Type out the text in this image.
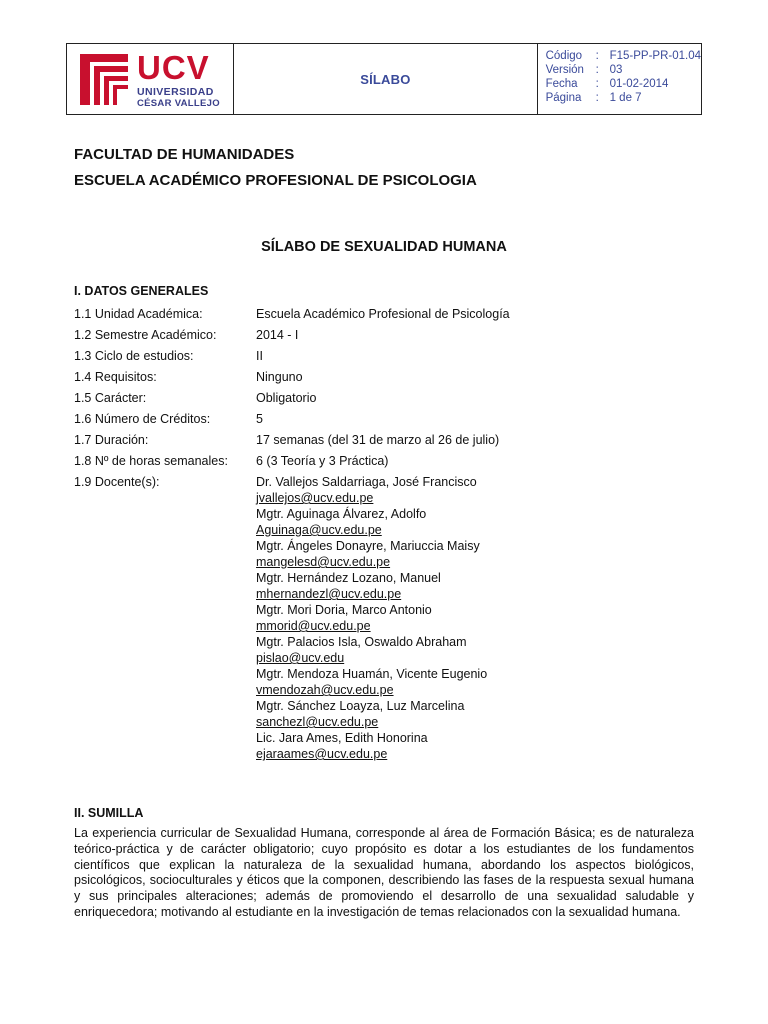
UCV
UNIVERSIDAD
CÉSAR VALLEJO
SÍLABO
Código	: F15-PP-PR-01.04
Versión	: 03
Fecha	: 01-02-2014
Página	: 1 de 7
FACULTAD DE HUMANIDADES
ESCUELA ACADÉMICO PROFESIONAL DE PSICOLOGIA
SÍLABO DE SEXUALIDAD HUMANA
I. DATOS GENERALES
1.1 Unidad Académica:	Escuela Académico Profesional de Psicología
1.2 Semestre Académico:	2014 - I
1.3 Ciclo de estudios:	II
1.4 Requisitos:	Ninguno
1.5 Carácter:	Obligatorio
1.6 Número de Créditos:	5
1.7 Duración:	17 semanas (del 31 de marzo al 26 de julio)
1.8 Nº de horas semanales:	6 (3 Teoría y 3 Práctica)
1.9 Docente(s):	Dr. Vallejos Saldarriaga, José Francisco
jvallejos@ucv.edu.pe
Mgtr. Aguinaga Álvarez, Adolfo
Aguinaga@ucv.edu.pe
Mgtr. Ángeles Donayre, Mariuccia Maisy
mangelesd@ucv.edu.pe
Mgtr. Hernández Lozano, Manuel
mhernandezl@ucv.edu.pe
Mgtr. Mori Doria, Marco Antonio
mmorid@ucv.edu.pe
Mgtr. Palacios Isla, Oswaldo Abraham
pislao@ucv.edu
Mgtr. Mendoza Huamán, Vicente Eugenio
vmendozah@ucv.edu.pe
Mgtr. Sánchez Loayza, Luz Marcelina
sanchezl@ucv.edu.pe
Lic. Jara Ames, Edith Honorina
ejaraames@ucv.edu.pe
II. SUMILLA
La experiencia curricular de Sexualidad Humana, corresponde al área de Formación Básica; es de naturaleza teórico-práctica y de carácter obligatorio; cuyo propósito es dotar a los estudiantes de los fundamentos científicos que explican la naturaleza de la sexualidad humana, abordando los aspectos biológicos, psicológicos, socioculturales y éticos que la componen, describiendo las fases de la respuesta sexual humana y sus principales alteraciones; además de promoviendo el desarrollo de una sexualidad saludable y enriquecedora; motivando al estudiante en la investigación de temas relacionados con la sexualidad humana.
